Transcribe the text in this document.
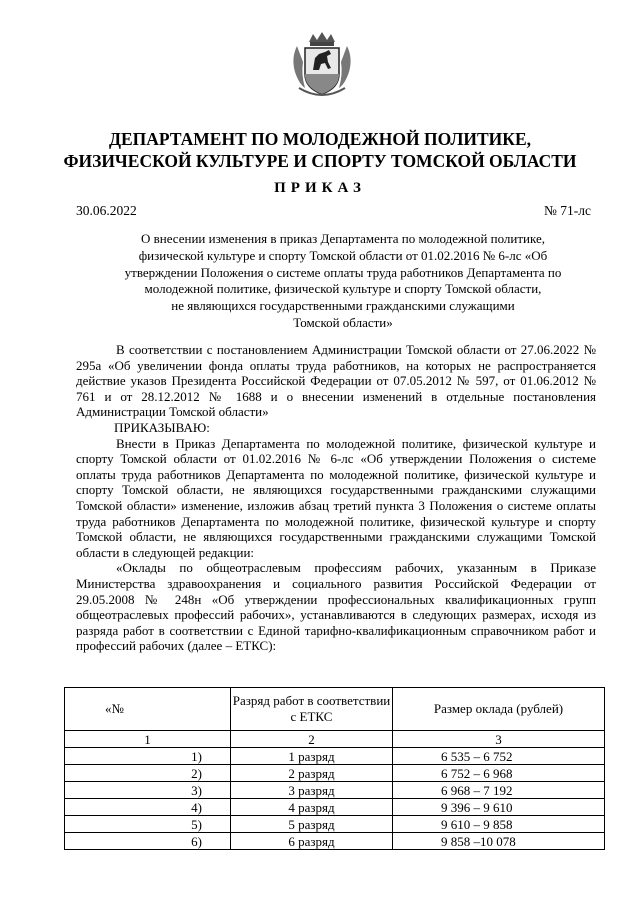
ДЕПАРТАМЕНТ ПО МОЛОДЕЖНОЙ ПОЛИТИКЕ,
ФИЗИЧЕСКОЙ КУЛЬТУРЕ И СПОРТУ ТОМСКОЙ ОБЛАСТИ
ПРИКАЗ
30.06.2022	№ 71-лс
О внесении изменения в приказ Департамента по молодежной политике,
физической культуре и спорту Томской области от 01.02.2016 № 6-лс «Об
утверждении Положения о системе оплаты труда работников Департамента по
молодежной политике, физической культуре и спорту Томской области,
не являющихся государственными гражданскими служащими
Томской области»

В соответствии с постановлением Администрации Томской области от 27.06.2022 № 295а «Об увеличении фонда оплаты труда работников, на которых не распространяется действие указов Президента Российской Федерации от 07.05.2012 № 597, от 01.06.2012 № 761 и от 28.12.2012 № 1688 и о внесении изменений в отдельные постановления Администрации Томской области»

ПРИКАЗЫВАЮ:

Внести в Приказ Департамента по молодежной политике, физической культуре и спорту Томской области от 01.02.2016 № 6-лс «Об утверждении Положения о системе оплаты труда работников Департамента по молодежной политике, физической культуре и спорту Томской области, не являющихся государственными гражданскими служащими Томской области» изменение, изложив абзац третий пункта 3 Положения о системе оплаты труда работников Департамента по молодежной политике, физической культуре и спорту Томской области, не являющихся государственными гражданскими служащими Томской области в следующей редакции:

«Оклады по общеотраслевым профессиям рабочих, указанным в Приказе Министерства здравоохранения и социального развития Российской Федерации от 29.05.2008 № 248н «Об утверждении профессиональных квалификационных групп общеотраслевых профессий рабочих», устанавливаются в следующих размерах, исходя из разряда работ в соответствии с Единой тарифно-квалификационным справочником работ и профессий рабочих (далее – ЕТКС):

«№	Разряд работ в соответствии с ЕТКС	Размер оклада (рублей)
1	2	3
1)	1 разряд	6 535 – 6 752
2)	2 разряд	6 752 – 6 968
3)	3 разряд	6 968 – 7 192
4)	4 разряд	9 396 – 9 610
5)	5 разряд	9 610 – 9 858
6)	6 разряд	9 858 –10 078
